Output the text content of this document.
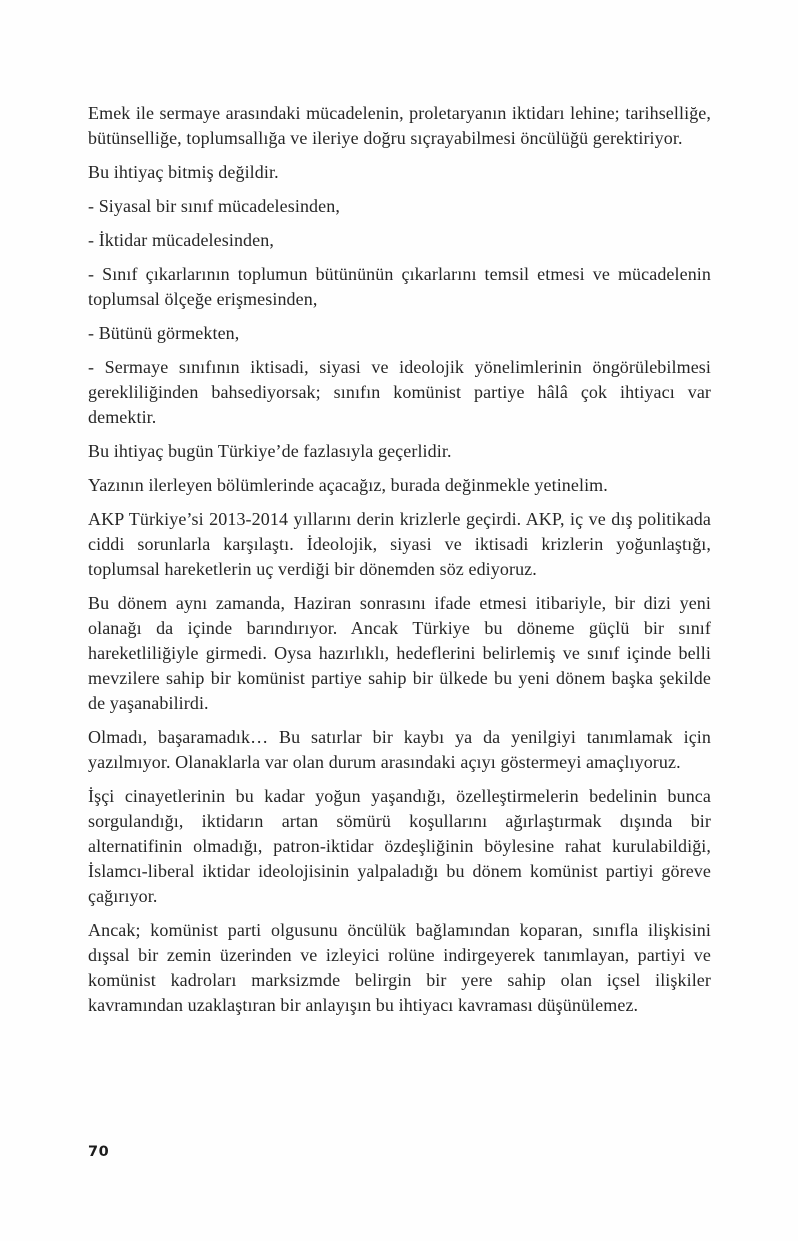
Emek ile sermaye arasındaki mücadelenin, proletaryanın iktidarı lehine; tarihselliğe, bütünselliğe, toplumsallığa ve ileriye doğru sıçrayabilmesi öncülüğü gerektiriyor.

Bu ihtiyaç bitmiş değildir.

- Siyasal bir sınıf mücadelesinden,

- İktidar mücadelesinden,

- Sınıf çıkarlarının toplumun bütününün çıkarlarını temsil etmesi ve mücadelenin toplumsal ölçeğe erişmesinden,

- Bütünü görmekten,

- Sermaye sınıfının iktisadi, siyasi ve ideolojik yönelimlerinin öngörülebilmesi gerekliliğinden bahsediyorsak; sınıfın komünist partiye hâlâ çok ihtiyacı var demektir.

Bu ihtiyaç bugün Türkiye’de fazlasıyla geçerlidir.

Yazının ilerleyen bölümlerinde açacağız, burada değinmekle yetinelim.

AKP Türkiye’si 2013-2014 yıllarını derin krizlerle geçirdi. AKP, iç ve dış politikada ciddi sorunlarla karşılaştı. İdeolojik, siyasi ve iktisadi krizlerin yoğunlaştığı, toplumsal hareketlerin uç verdiği bir dönemden söz ediyoruz.

Bu dönem aynı zamanda, Haziran sonrasını ifade etmesi itibariyle, bir dizi yeni olanağı da içinde barındırıyor. Ancak Türkiye bu döneme güçlü bir sınıf hareketliliğiyle girmedi. Oysa hazırlıklı, hedeflerini belirlemiş ve sınıf içinde belli mevzilere sahip bir komünist partiye sahip bir ülkede bu yeni dönem başka şekilde de yaşanabilirdi.

Olmadı, başaramadık… Bu satırlar bir kaybı ya da yenilgiyi tanımlamak için yazılmıyor. Olanaklarla var olan durum arasındaki açıyı göstermeyi amaçlıyoruz.

İşçi cinayetlerinin bu kadar yoğun yaşandığı, özelleştirmelerin bedelinin bunca sorgulandığı, iktidarın artan sömürü koşullarını ağırlaştırmak dışında bir alternatifinin olmadığı, patron-iktidar özdeşliğinin böylesine rahat kurulabildiği, İslamcı-liberal iktidar ideolojisinin yalpaladığı bu dönem komünist partiyi göreve çağırıyor.

Ancak; komünist parti olgusunu öncülük bağlamından koparan, sınıfla ilişkisini dışsal bir zemin üzerinden ve izleyici rolüne indirgeyerek tanımlayan, partiyi ve komünist kadroları marksizmde belirgin bir yere sahip olan içsel ilişkiler kavramından uzaklaştıran bir anlayışın bu ihtiyacı kavraması düşünülemez.

70
